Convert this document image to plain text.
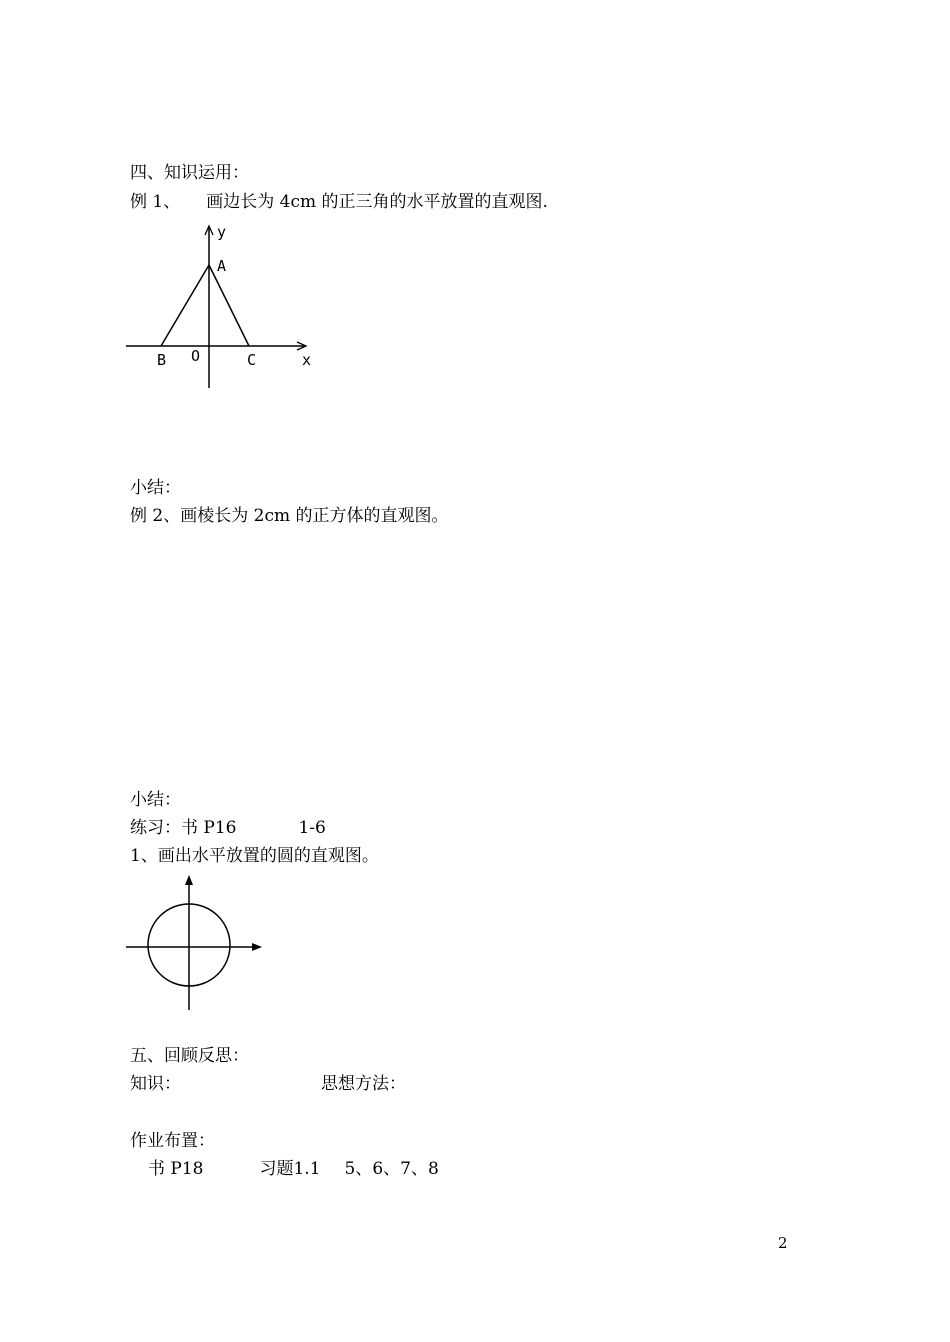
四、知识运用：
例 1、 画边长为 4cm 的正三角的水平放置的直观图.
y
A
B O	C	x
小结：
例 2、画棱长为 2cm 的正方体的直观图。
小结：
练习：书 P16	1-6
1、画出水平放置的圆的直观图。
五、回顾反思：
知识：	思想方法：
作业布置：
书 P18	习题1.1 5、6、7、8
2
